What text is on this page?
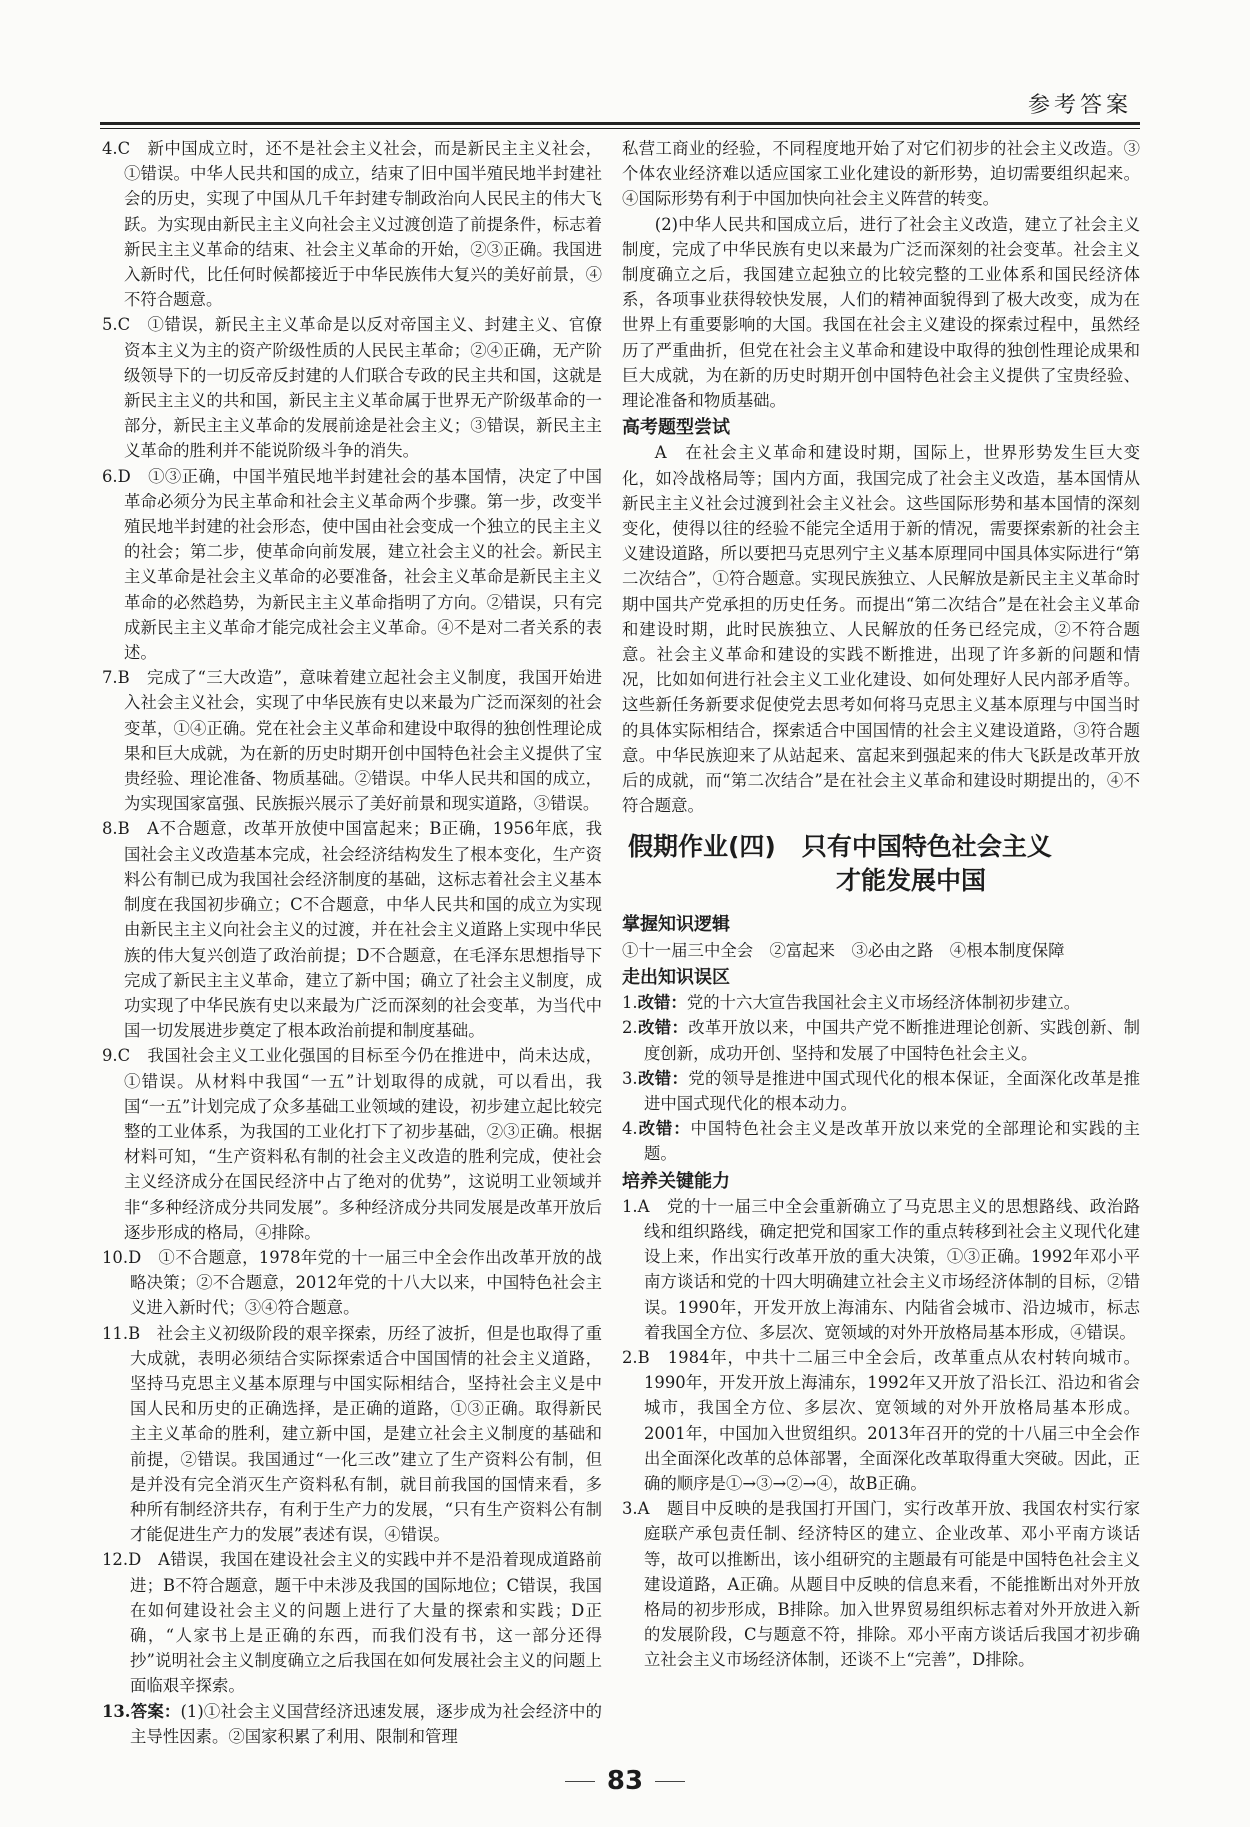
参考答案

4.C　 新中国成立时，还不是社会主义社会，而是新民主主义社会，①错误。中华人民共和国的成立，结束了旧中国半殖民地半封建社会的历史，实现了中国从几千年封建专制政治向人民民主的伟大飞跃。为实现由新民主主义向社会主义过渡创造了前提条件，标志着新民主主义革命的结束、社会主义革命的开始，②③正确。我国进入新时代，比任何时候都接近于中华民族伟大复兴的美好前景，④不符合题意。

5.C　 ①错误，新民主主义革命是以反对帝国主义、封建主义、官僚资本主义为主的资产阶级性质的人民民主革命；②④正确，无产阶级领导下的一切反帝反封建的人们联合专政的民主共和国，这就是新民主主义的共和国，新民主主义革命属于世界无产阶级革命的一部分，新民主主义革命的发展前途是社会主义；③错误，新民主主义革命的胜利并不能说阶级斗争的消失。

6.D　 ①③正确，中国半殖民地半封建社会的基本国情，决定了中国革命必须分为民主革命和社会主义革命两个步骤。第一步，改变半殖民地半封建的社会形态，使中国由社会变成一个独立的民主主义的社会；第二步，使革命向前发展，建立社会主义的社会。新民主主义革命是社会主义革命的必要准备，社会主义革命是新民主主义革命的必然趋势，为新民主主义革命指明了方向。②错误，只有完成新民主主义革命才能完成社会主义革命。④不是对二者关系的表述。

7.B　 完成了“三大改造”，意味着建立起社会主义制度，我国开始进入社会主义社会，实现了中华民族有史以来最为广泛而深刻的社会变革，①④正确。党在社会主义革命和建设中取得的独创性理论成果和巨大成就，为在新的历史时期开创中国特色社会主义提供了宝贵经验、理论准备、物质基础。②错误。中华人民共和国的成立，为实现国家富强、民族振兴展示了美好前景和现实道路，③错误。

8.B　 A不合题意，改革开放使中国富起来；B正确，1956年底，我国社会主义改造基本完成，社会经济结构发生了根本变化，生产资料公有制已成为我国社会经济制度的基础，这标志着社会主义基本制度在我国初步确立；C不合题意，中华人民共和国的成立为实现由新民主主义向社会主义的过渡，并在社会主义道路上实现中华民族的伟大复兴创造了政治前提；D不合题意，在毛泽东思想指导下完成了新民主主义革命，建立了新中国；确立了社会主义制度，成功实现了中华民族有史以来最为广泛而深刻的社会变革，为当代中国一切发展进步奠定了根本政治前提和制度基础。

9.C　 我国社会主义工业化强国的目标至今仍在推进中，尚未达成，①错误。从材料中我国“一五”计划取得的成就，可以看出，我国“一五”计划完成了众多基础工业领域的建设，初步建立起比较完整的工业体系，为我国的工业化打下了初步基础，②③正确。根据材料可知，“生产资料私有制的社会主义改造的胜利完成，使社会主义经济成分在国民经济中占了绝对的优势”，这说明工业领域并非“多种经济成分共同发展”。多种经济成分共同发展是改革开放后逐步形成的格局，④排除。

10.D　 ①不合题意，1978年党的十一届三中全会作出改革开放的战略决策；②不合题意，2012年党的十八大以来，中国特色社会主义进入新时代；③④符合题意。

11.B　 社会主义初级阶段的艰辛探索，历经了波折，但是也取得了重大成就，表明必须结合实际探索适合中国国情的社会主义道路，坚持马克思主义基本原理与中国实际相结合，坚持社会主义是中国人民和历史的正确选择，是正确的道路，①③正确。取得新民主主义革命的胜利，建立新中国，是建立社会主义制度的基础和前提，②错误。我国通过“一化三改”建立了生产资料公有制，但是并没有完全消灭生产资料私有制，就目前我国的国情来看，多种所有制经济共存，有利于生产力的发展，“只有生产资料公有制才能促进生产力的发展”表述有误，④错误。

12.D　 A错误，我国在建设社会主义的实践中并不是沿着现成道路前进；B不符合题意，题干中未涉及我国的国际地位；C错误，我国在如何建设社会主义的问题上进行了大量的探索和实践；D正确，“人家书上是正确的东西，而我们没有书，这一部分还得抄”说明社会主义制度确立之后我国在如何发展社会主义的问题上面临艰辛探索。

13.答案：(1)①社会主义国营经济迅速发展，逐步成为社会经济中的主导性因素。②国家积累了利用、限制和管理

私营工商业的经验，不同程度地开始了对它们初步的社会主义改造。③个体农业经济难以适应国家工业化建设的新形势，迫切需要组织起来。④国际形势有利于中国加快向社会主义阵营的转变。

(2)中华人民共和国成立后，进行了社会主义改造，建立了社会主义制度，完成了中华民族有史以来最为广泛而深刻的社会变革。社会主义制度确立之后，我国建立起独立的比较完整的工业体系和国民经济体系，各项事业获得较快发展，人们的精神面貌得到了极大改变，成为在世界上有重要影响的大国。我国在社会主义建设的探索过程中，虽然经历了严重曲折，但党在社会主义革命和建设中取得的独创性理论成果和巨大成就，为在新的历史时期开创中国特色社会主义提供了宝贵经验、理论准备和物质基础。

高考题型尝试

A　在社会主义革命和建设时期，国际上，世界形势发生巨大变化，如冷战格局等；国内方面，我国完成了社会主义改造，基本国情从新民主主义社会过渡到社会主义社会。这些国际形势和基本国情的深刻变化，使得以往的经验不能完全适用于新的情况，需要探索新的社会主义建设道路，所以要把马克思列宁主义基本原理同中国具体实际进行“第二次结合”，①符合题意。实现民族独立、人民解放是新民主主义革命时期中国共产党承担的历史任务。而提出“第二次结合”是在社会主义革命和建设时期，此时民族独立、人民解放的任务已经完成，②不符合题意。社会主义革命和建设的实践不断推进，出现了许多新的问题和情况，比如如何进行社会主义工业化建设、如何处理好人民内部矛盾等。这些新任务新要求促使党去思考如何将马克思主义基本原理与中国当时的具体实际相结合，探索适合中国国情的社会主义建设道路，③符合题意。中华民族迎来了从站起来、富起来到强起来的伟大飞跃是改革开放后的成就，而“第二次结合”是在社会主义革命和建设时期提出的，④不符合题意。

假期作业(四) 只有中国特色社会主义
才能发展中国
掌握知识逻辑

①十一届三中全会　②富起来　③必由之路　④根本制度保障

走出知识误区

1.改错：党的十六大宣告我国社会主义市场经济体制初步建立。

2.改错：改革开放以来，中国共产党不断推进理论创新、实践创新、制度创新，成功开创、坚持和发展了中国特色社会主义。

3.改错：党的领导是推进中国式现代化的根本保证，全面深化改革是推进中国式现代化的根本动力。

4.改错：中国特色社会主义是改革开放以来党的全部理论和实践的主题。

培养关键能力

1.A　 党的十一届三中全会重新确立了马克思主义的思想路线、政治路线和组织路线，确定把党和国家工作的重点转移到社会主义现代化建设上来，作出实行改革开放的重大决策，①③正确。1992年邓小平南方谈话和党的十四大明确建立社会主义市场经济体制的目标，②错误。1990年，开发开放上海浦东、内陆省会城市、沿边城市，标志着我国全方位、多层次、宽领域的对外开放格局基本形成，④错误。

2.B　 1984年，中共十二届三中全会后，改革重点从农村转向城市。1990年，开发开放上海浦东，1992年又开放了沿长江、沿边和省会城市，我国全方位、多层次、宽领域的对外开放格局基本形成。2001年，中国加入世贸组织。2013年召开的党的十八届三中全会作出全面深化改革的总体部署，全面深化改革取得重大突破。因此，正确的顺序是①→③→②→④，故B正确。

3.A　 题目中反映的是我国打开国门，实行改革开放、我国农村实行家庭联产承包责任制、经济特区的建立、企业改革、邓小平南方谈话等，故可以推断出，该小组研究的主题最有可能是中国特色社会主义建设道路，A正确。从题目中反映的信息来看，不能推断出对外开放格局的初步形成，B排除。加入世界贸易组织标志着对外开放进入新的发展阶段，C与题意不符，排除。邓小平南方谈话后我国才初步确立社会主义市场经济体制，还谈不上“完善”，D排除。

83
